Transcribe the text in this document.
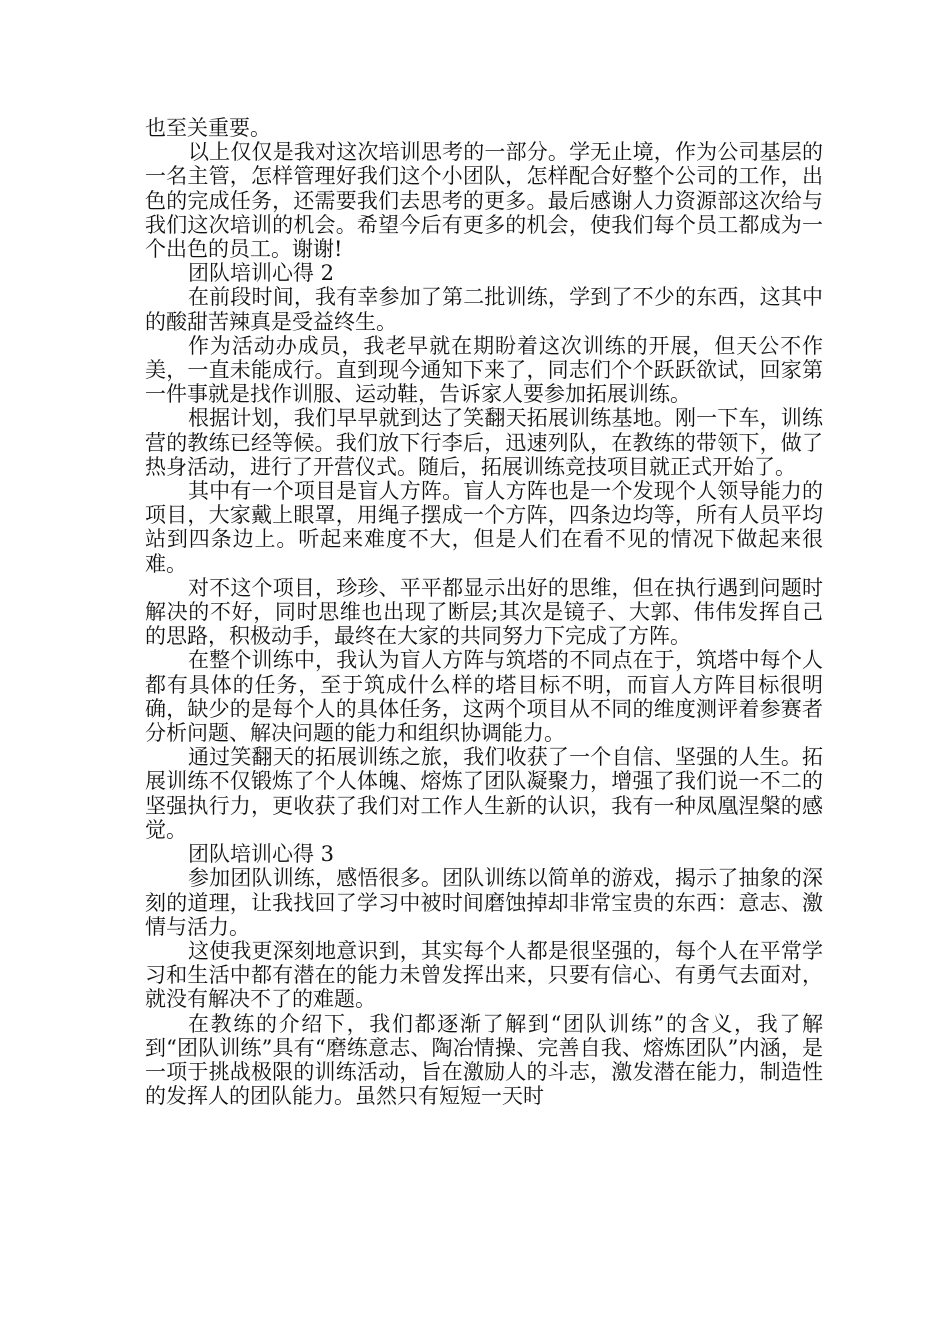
也至关重要。

以上仅仅是我对这次培训思考的一部分。学无止境，作为公司基层的一名主管，怎样管理好我们这个小团队，怎样配合好整个公司的工作，出色的完成任务，还需要我们去思考的更多。最后感谢人力资源部这次给与我们这次培训的机会。希望今后有更多的机会，使我们每个员工都成为一个出色的员工。谢谢!

团队培训心得 2

在前段时间，我有幸参加了第二批训练，学到了不少的东西，这其中的酸甜苦辣真是受益终生。

作为活动办成员，我老早就在期盼着这次训练的开展，但天公不作美，一直未能成行。直到现今通知下来了，同志们个个跃跃欲试，回家第一件事就是找作训服、运动鞋，告诉家人要参加拓展训练。

根据计划，我们早早就到达了笑翻天拓展训练基地。刚一下车，训练营的教练已经等候。我们放下行李后，迅速列队，在教练的带领下，做了热身活动，进行了开营仪式。随后，拓展训练竞技项目就正式开始了。

其中有一个项目是盲人方阵。盲人方阵也是一个发现个人领导能力的项目，大家戴上眼罩，用绳子摆成一个方阵，四条边均等，所有人员平均站到四条边上。听起来难度不大，但是人们在看不见的情况下做起来很难。

对不这个项目，珍珍、平平都显示出好的思维，但在执行遇到问题时解决的不好，同时思维也出现了断层;其次是镜子、大郭、伟伟发挥自己的思路，积极动手，最终在大家的共同努力下完成了方阵。

在整个训练中，我认为盲人方阵与筑塔的不同点在于，筑塔中每个人都有具体的任务，至于筑成什么样的塔目标不明，而盲人方阵目标很明确，缺少的是每个人的具体任务，这两个项目从不同的维度测评着参赛者分析问题、解决问题的能力和组织协调能力。

通过笑翻天的拓展训练之旅，我们收获了一个自信、坚强的人生。拓展训练不仅锻炼了个人体魄、熔炼了团队凝聚力，增强了我们说一不二的坚强执行力，更收获了我们对工作人生新的认识，我有一种凤凰涅槃的感觉。

团队培训心得 3

参加团队训练，感悟很多。团队训练以简单的游戏，揭示了抽象的深刻的道理，让我找回了学习中被时间磨蚀掉却非常宝贵的东西：意志、激情与活力。

这使我更深刻地意识到，其实每个人都是很坚强的，每个人在平常学习和生活中都有潜在的能力未曾发挥出来，只要有信心、有勇气去面对，就没有解决不了的难题。

在教练的介绍下，我们都逐渐了解到“团队训练”的含义，我了解到“团队训练”具有“磨练意志、陶冶情操、完善自我、熔炼团队”内涵，是一项于挑战极限的训练活动，旨在激励人的斗志，激发潜在能力，制造性的发挥人的团队能力。虽然只有短短一天时
